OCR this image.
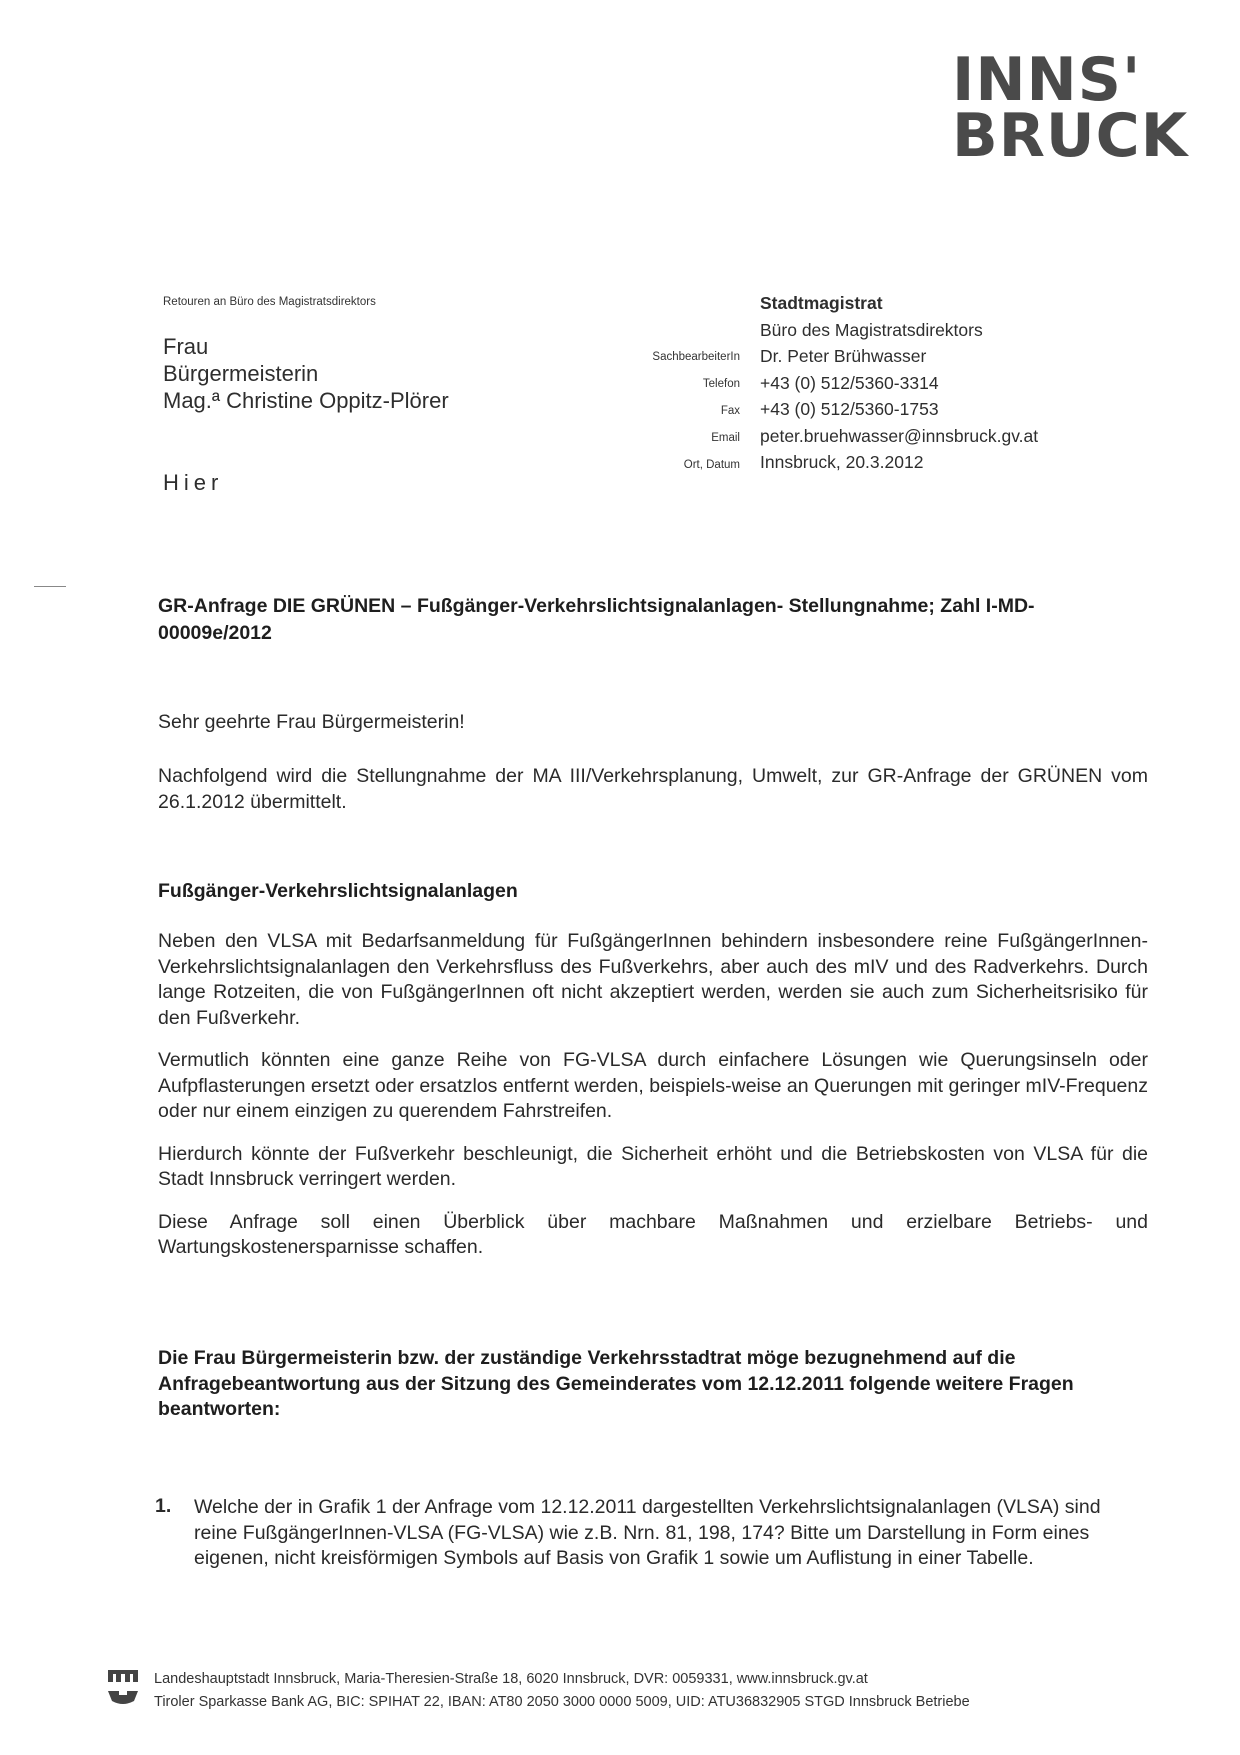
INNS'
BRUCK
Retouren an Büro des Magistratsdirektors
Frau
Bürgermeisterin
Mag.ª Christine Oppitz-Plörer
Hier
SachbearbeiterIn
Telefon
Fax
Email
Ort, Datum
Stadtmagistrat
Büro des Magistratsdirektors
Dr. Peter Brühwasser
+43 (0) 512/5360-3314
+43 (0) 512/5360-1753
peter.bruehwasser@innsbruck.gv.at
Innsbruck, 20.3.2012
GR-Anfrage DIE GRÜNEN – Fußgänger-Verkehrslichtsignalanlagen- Stellungnahme; Zahl I-MD-00009e/2012
Sehr geehrte Frau Bürgermeisterin!
Nachfolgend wird die Stellungnahme der MA III/Verkehrsplanung, Umwelt, zur GR-Anfrage der GRÜNEN vom 26.1.2012 übermittelt.
Fußgänger-Verkehrslichtsignalanlagen

Neben den VLSA mit Bedarfsanmeldung für FußgängerInnen behindern insbesondere reine FußgängerInnen-Verkehrslichtsignalanlagen den Verkehrsfluss des Fußverkehrs, aber auch des mIV und des Radverkehrs. Durch lange Rotzeiten, die von FußgängerInnen oft nicht akzeptiert werden, werden sie auch zum Sicherheitsrisiko für den Fußverkehr.

Vermutlich könnten eine ganze Reihe von FG-VLSA durch einfachere Lösungen wie Querungsinseln oder Aufpflasterungen ersetzt oder ersatzlos entfernt werden, beispiels-weise an Querungen mit geringer mIV-Frequenz oder nur einem einzigen zu querendem Fahrstreifen.

Hierdurch könnte der Fußverkehr beschleunigt, die Sicherheit erhöht und die Betriebskosten von VLSA für die Stadt Innsbruck verringert werden.

Diese Anfrage soll einen Überblick über machbare Maßnahmen und erzielbare Betriebs- und Wartungskostenersparnisse schaffen.

Die Frau Bürgermeisterin bzw. der zuständige Verkehrsstadtrat möge bezugnehmend auf die Anfragebeantwortung aus der Sitzung des Gemeinderates vom 12.12.2011 folgende weitere Fragen beantworten:
1. Welche der in Grafik 1 der Anfrage vom 12.12.2011 dargestellten Verkehrslichtsignalanlagen (VLSA) sind reine FußgängerInnen-VLSA (FG-VLSA) wie z.B. Nrn. 81, 198, 174? Bitte um Darstellung in Form eines eigenen, nicht kreisförmigen Symbols auf Basis von Grafik 1 sowie um Auflistung in einer Tabelle.
Landeshauptstadt Innsbruck, Maria-Theresien-Straße 18, 6020 Innsbruck, DVR: 0059331, www.innsbruck.gv.at
Tiroler Sparkasse Bank AG, BIC: SPIHAT 22, IBAN: AT80 2050 3000 0000 5009, UID: ATU36832905 STGD Innsbruck Betriebe
